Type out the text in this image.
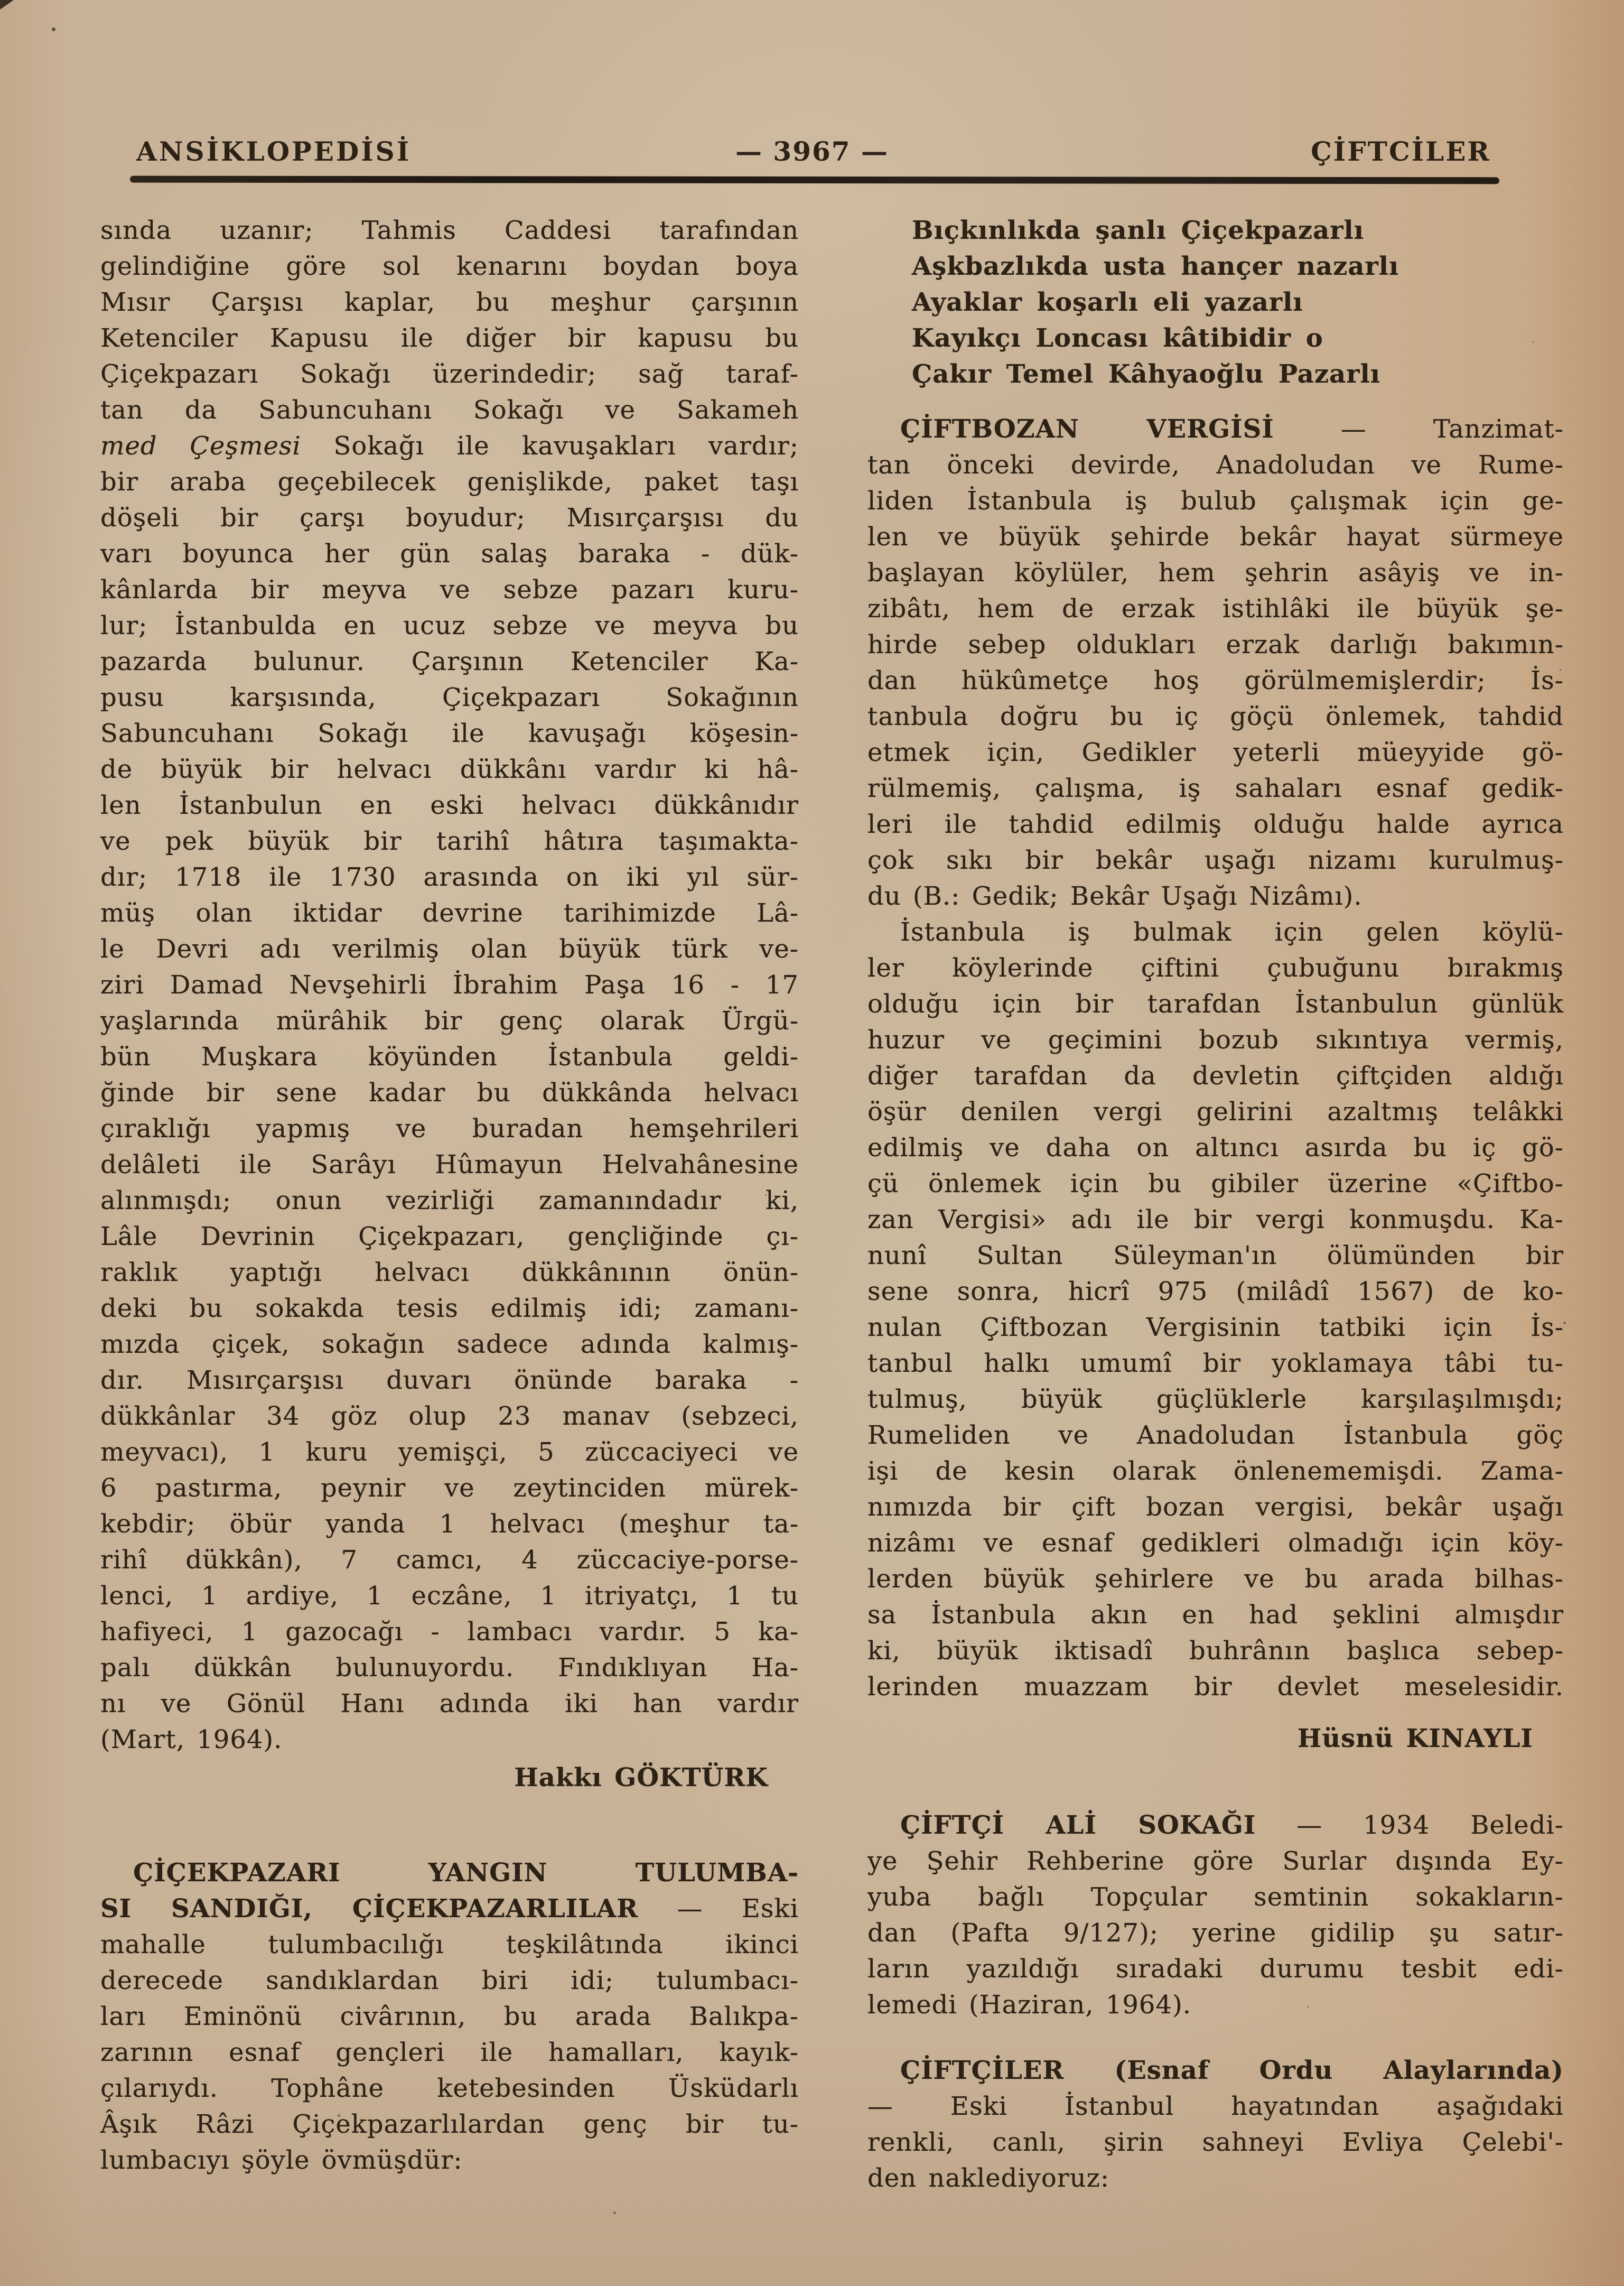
ANSİKLOPEDİSİ	— 3967 —	ÇİFTCİLER
sında uzanır; Tahmis Caddesi tarafından
gelindiğine göre sol kenarını boydan boya
Mısır Çarşısı kaplar, bu meşhur çarşının
Ketenciler Kapusu ile diğer bir kapusu bu
Çiçekpazarı Sokağı üzerindedir; sağ taraf-
tan da Sabuncuhanı Sokağı ve Sakameh
med Çeşmesi Sokağı ile kavuşakları vardır;
bir araba geçebilecek genişlikde, paket taşı
döşeli bir çarşı boyudur; Mısırçarşısı du
varı boyunca her gün salaş baraka - dük-
kânlarda bir meyva ve sebze pazarı kuru-
lur; İstanbulda en ucuz sebze ve meyva bu
pazarda bulunur. Çarşının Ketenciler Ka-
pusu karşısında, Çiçekpazarı Sokağının
Sabuncuhanı Sokağı ile kavuşağı köşesin-
de büyük bir helvacı dükkânı vardır ki hâ-
len İstanbulun en eski helvacı dükkânıdır
ve pek büyük bir tarihî hâtıra taşımakta-
dır; 1718 ile 1730 arasında on iki yıl sür-
müş olan iktidar devrine tarihimizde Lâ-
le Devri adı verilmiş olan büyük türk ve-
ziri Damad Nevşehirli İbrahim Paşa 16 - 17
yaşlarında mürâhik bir genç olarak Ürgü-
bün Muşkara köyünden İstanbula geldi-
ğinde bir sene kadar bu dükkânda helvacı
çıraklığı yapmış ve buradan hemşehrileri
delâleti ile Sarâyı Hûmayun Helvahânesine
alınmışdı; onun vezirliği zamanındadır ki,
Lâle Devrinin Çiçekpazarı, gençliğinde çı-
raklık yaptığı helvacı dükkânının önün-
deki bu sokakda tesis edilmiş idi; zamanı-
mızda çiçek, sokağın sadece adında kalmış-
dır. Mısırçarşısı duvarı önünde baraka -
dükkânlar 34 göz olup 23 manav (sebzeci,
meyvacı), 1 kuru yemişçi, 5 züccaciyeci ve
6 pastırma, peynir ve zeytinciden mürek-
kebdir; öbür yanda 1 helvacı (meşhur ta-
rihî dükkân), 7 camcı, 4 züccaciye-porse-
lenci, 1 ardiye, 1 eczâne, 1 itriyatçı, 1 tu
hafiyeci, 1 gazocağı - lambacı vardır. 5 ka-
palı dükkân bulunuyordu. Fındıklıyan Ha-
nı ve Gönül Hanı adında iki han vardır
(Mart, 1964).
Hakkı GÖKTÜRK
ÇİÇEKPAZARI YANGIN TULUMBA-
SI SANDIĞI, ÇİÇEKPAZARLILAR — Eski
mahalle tulumbacılığı teşkilâtında ikinci
derecede sandıklardan biri idi; tulumbacı-
ları Eminönü civârının, bu arada Balıkpa-
zarının esnaf gençleri ile hamalları, kayık-
çılarıydı. Tophâne ketebesinden Üsküdarlı
Âşık Râzi Çiçekpazarlılardan genç bir tu-
lumbacıyı şöyle övmüşdür:
Bıçkınlıkda şanlı Çiçekpazarlı
Aşkbazlıkda usta hançer nazarlı
Ayaklar koşarlı eli yazarlı
Kayıkçı Loncası kâtibidir o
Çakır Temel Kâhyaoğlu Pazarlı
ÇİFTBOZAN VERGİSİ — Tanzimat-
tan önceki devirde, Anadoludan ve Rume-
liden İstanbula iş bulub çalışmak için ge-
len ve büyük şehirde bekâr hayat sürmeye
başlayan köylüler, hem şehrin asâyiş ve in-
zibâtı, hem de erzak istihlâki ile büyük şe-
hirde sebep oldukları erzak darlığı bakımın-
dan hükûmetçe hoş görülmemişlerdir; İs-
tanbula doğru bu iç göçü önlemek, tahdid
etmek için, Gedikler yeterli müeyyide gö-
rülmemiş, çalışma, iş sahaları esnaf gedik-
leri ile tahdid edilmiş olduğu halde ayrıca
çok sıkı bir bekâr uşağı nizamı kurulmuş-
du (B.: Gedik; Bekâr Uşağı Nizâmı).
İstanbula iş bulmak için gelen köylü-
ler köylerinde çiftini çubuğunu bırakmış
olduğu için bir tarafdan İstanbulun günlük
huzur ve geçimini bozub sıkıntıya vermiş,
diğer tarafdan da devletin çiftçiden aldığı
öşür denilen vergi gelirini azaltmış telâkki
edilmiş ve daha on altıncı asırda bu iç gö-
çü önlemek için bu gibiler üzerine «Çiftbo-
zan Vergisi» adı ile bir vergi konmuşdu. Ka-
nunî Sultan Süleyman'ın ölümünden bir
sene sonra, hicrî 975 (milâdî 1567) de ko-
nulan Çiftbozan Vergisinin tatbiki için İs-
tanbul halkı umumî bir yoklamaya tâbi tu-
tulmuş, büyük güçlüklerle karşılaşılmışdı;
Rumeliden ve Anadoludan İstanbula göç
işi de kesin olarak önlenememişdi. Zama-
nımızda bir çift bozan vergisi, bekâr uşağı
nizâmı ve esnaf gedikleri olmadığı için köy-
lerden büyük şehirlere ve bu arada bilhas-
sa İstanbula akın en had şeklini almışdır
ki, büyük iktisadî buhrânın başlıca sebep-
lerinden muazzam bir devlet meselesidir.
Hüsnü KINAYLI
ÇİFTÇİ ALİ SOKAĞI — 1934 Beledi-
ye Şehir Rehberine göre Surlar dışında Ey-
yuba bağlı Topçular semtinin sokakların-
dan (Pafta 9/127); yerine gidilip şu satır-
ların yazıldığı sıradaki durumu tesbit edi-
lemedi (Haziran, 1964).
ÇİFTÇİLER (Esnaf Ordu Alaylarında)
— Eski İstanbul hayatından aşağıdaki
renkli, canlı, şirin sahneyi Evliya Çelebi'-
den naklediyoruz:
